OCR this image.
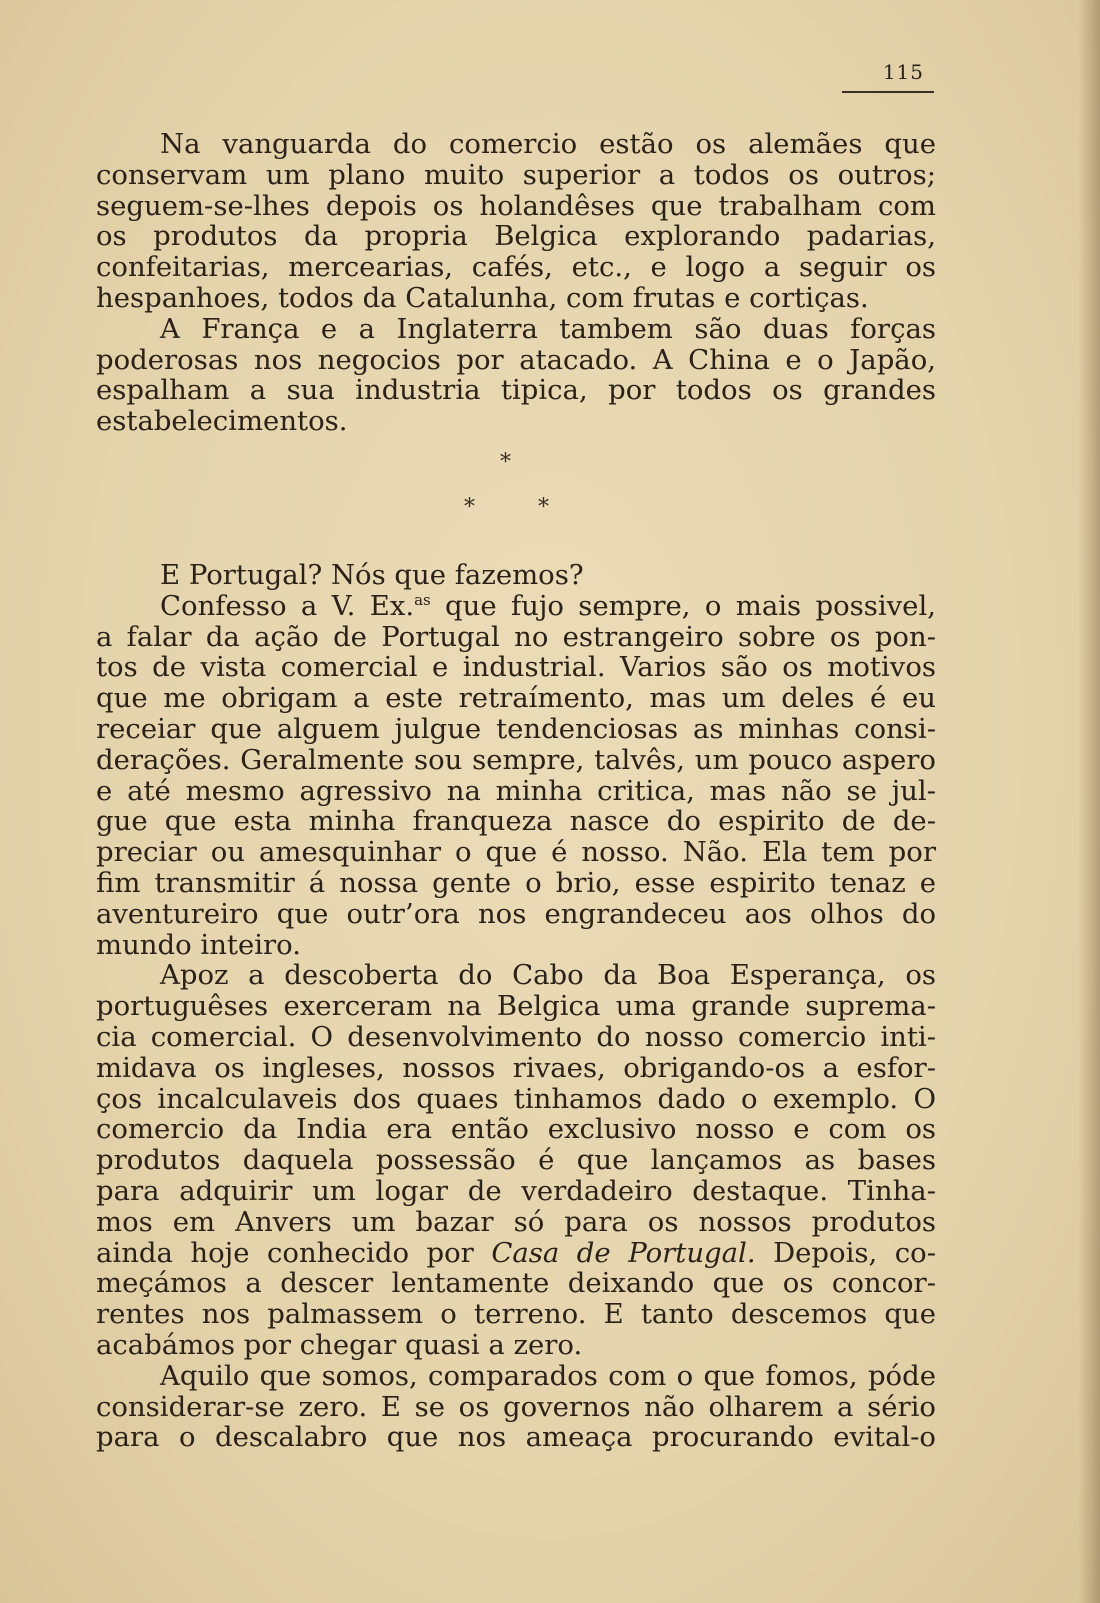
115
Na vanguarda do comercio estão os alemães que
conservam um plano muito superior a todos os outros;
seguem-se-lhes depois os holandêses que trabalham com
os produtos da propria Belgica explorando padarias,
confeitarias, mercearias, cafés, etc., e logo a seguir os
hespanhoes, todos da Catalunha, com frutas e cortiças.
A França e a Inglaterra tambem são duas forças
poderosas nos negocios por atacado. A China e o Japão,
espalham a sua industria tipica, por todos os grandes
estabelecimentos.
*
*	*
E Portugal? Nós que fazemos?
Confesso a V. Ex.$^{as}$ que fujo sempre, o mais possivel,
a falar da ação de Portugal no estrangeiro sobre os pon-
tos de vista comercial e industrial. Varios são os motivos
que me obrigam a este retraímento, mas um deles é eu
receiar que alguem julgue tendenciosas as minhas consi-
derações. Geralmente sou sempre, talvês, um pouco aspero
e até mesmo agressivo na minha critica, mas não se jul-
gue que esta minha franqueza nasce do espirito de de-
preciar ou amesquinhar o que é nosso. Não. Ela tem por
fim transmitir á nossa gente o brio, esse espirito tenaz e
aventureiro que outr’ora nos engrandeceu aos olhos do
mundo inteiro.
Apoz a descoberta do Cabo da Boa Esperança, os
portuguêses exerceram na Belgica uma grande suprema-
cia comercial. O desenvolvimento do nosso comercio inti-
midava os ingleses, nossos rivaes, obrigando-os a esfor-
ços incalculaveis dos quaes tinhamos dado o exemplo. O
comercio da India era então exclusivo nosso e com os
produtos daquela possessão é que lançamos as bases
para adquirir um logar de verdadeiro destaque. Tinha-
mos em Anvers um bazar só para os nossos produtos
ainda hoje conhecido por Casa de Portugal. Depois, co-
meçámos a descer lentamente deixando que os concor-
rentes nos palmassem o terreno. E tanto descemos que
acabámos por chegar quasi a zero.
Aquilo que somos, comparados com o que fomos, póde
considerar-se zero. E se os governos não olharem a sério
para o descalabro que nos ameaça procurando evital-o
